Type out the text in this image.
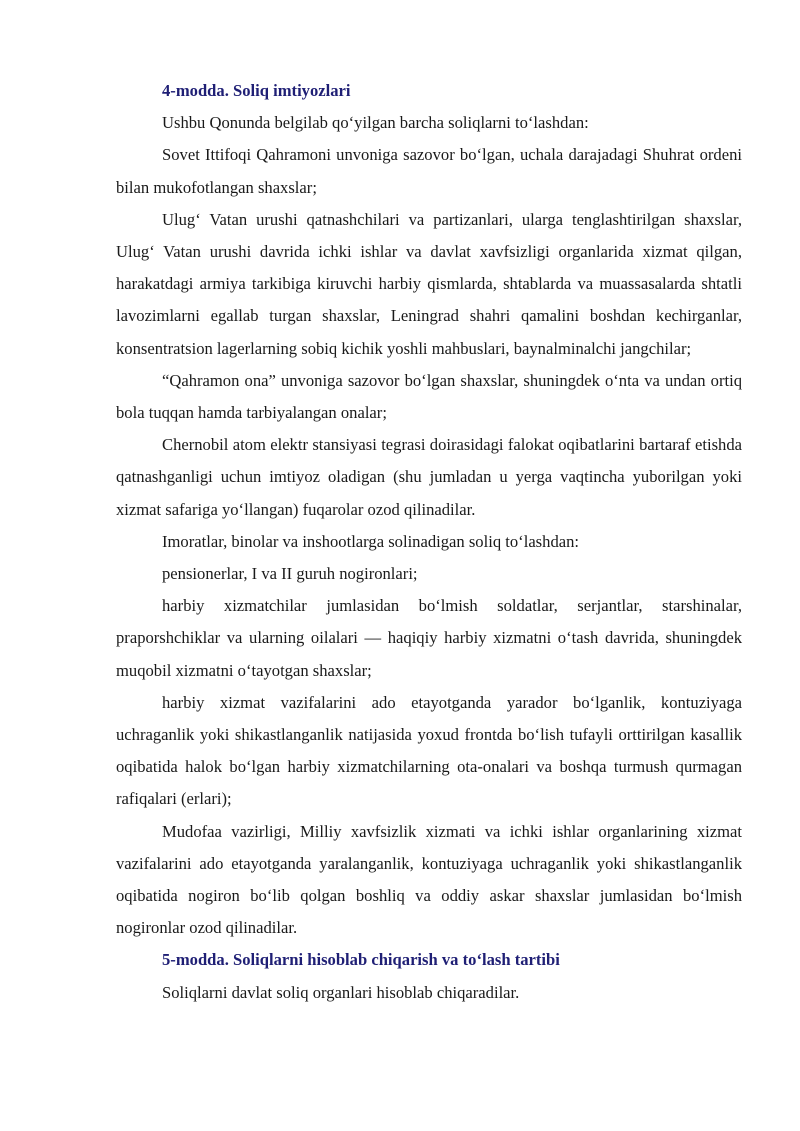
4-modda. Soliq imtiyozlari

Ushbu Qonunda belgilab qo‘yilgan barcha soliqlarni to‘lashdan:

Sovet Ittifoqi Qahramoni unvoniga sazovor bo‘lgan, uchala darajadagi Shuhrat ordeni bilan mukofotlangan shaxslar;

Ulug‘ Vatan urushi qatnashchilari va partizanlari, ularga tenglashtirilgan shaxslar, Ulug‘ Vatan urushi davrida ichki ishlar va davlat xavfsizligi organlarida xizmat qilgan, harakatdagi armiya tarkibiga kiruvchi harbiy qismlarda, shtablarda va muassasalarda shtatli lavozimlarni egallab turgan shaxslar, Leningrad shahri qamalini boshdan kechirganlar, konsentratsion lagerlarning sobiq kichik yoshli mahbuslari, baynalminalchi jangchilar;

“Qahramon ona” unvoniga sazovor bo‘lgan shaxslar, shuningdek o‘nta va undan ortiq bola tuqqan hamda tarbiyalangan onalar;

Chernobil atom elektr stansiyasi tegrasi doirasidagi falokat oqibatlarini bartaraf etishda qatnashganligi uchun imtiyoz oladigan (shu jumladan u yerga vaqtincha yuborilgan yoki xizmat safariga yo‘llangan) fuqarolar ozod qilinadilar.

Imoratlar, binolar va inshootlarga solinadigan soliq to‘lashdan:

pensionerlar, I va II guruh nogironlari;

harbiy xizmatchilar jumlasidan bo‘lmish soldatlar, serjantlar, starshinalar, praporshchiklar va ularning oilalari — haqiqiy harbiy xizmatni o‘tash davrida, shuningdek muqobil xizmatni o‘tayotgan shaxslar;

harbiy xizmat vazifalarini ado etayotganda yarador bo‘lganlik, kontuziyaga uchraganlik yoki shikastlanganlik natijasida yoxud frontda bo‘lish tufayli orttirilgan kasallik oqibatida halok bo‘lgan harbiy xizmatchilarning ota-onalari va boshqa turmush qurmagan rafiqalari (erlari);

Mudofaa vazirligi, Milliy xavfsizlik xizmati va ichki ishlar organlarining xizmat vazifalarini ado etayotganda yaralanganlik, kontuziyaga uchraganlik yoki shikastlanganlik oqibatida nogiron bo‘lib qolgan boshliq va oddiy askar shaxslar jumlasidan bo‘lmish nogironlar ozod qilinadilar.

5-modda. Soliqlarni hisoblab chiqarish va to‘lash tartibi

Soliqlarni davlat soliq organlari hisoblab chiqaradilar.
